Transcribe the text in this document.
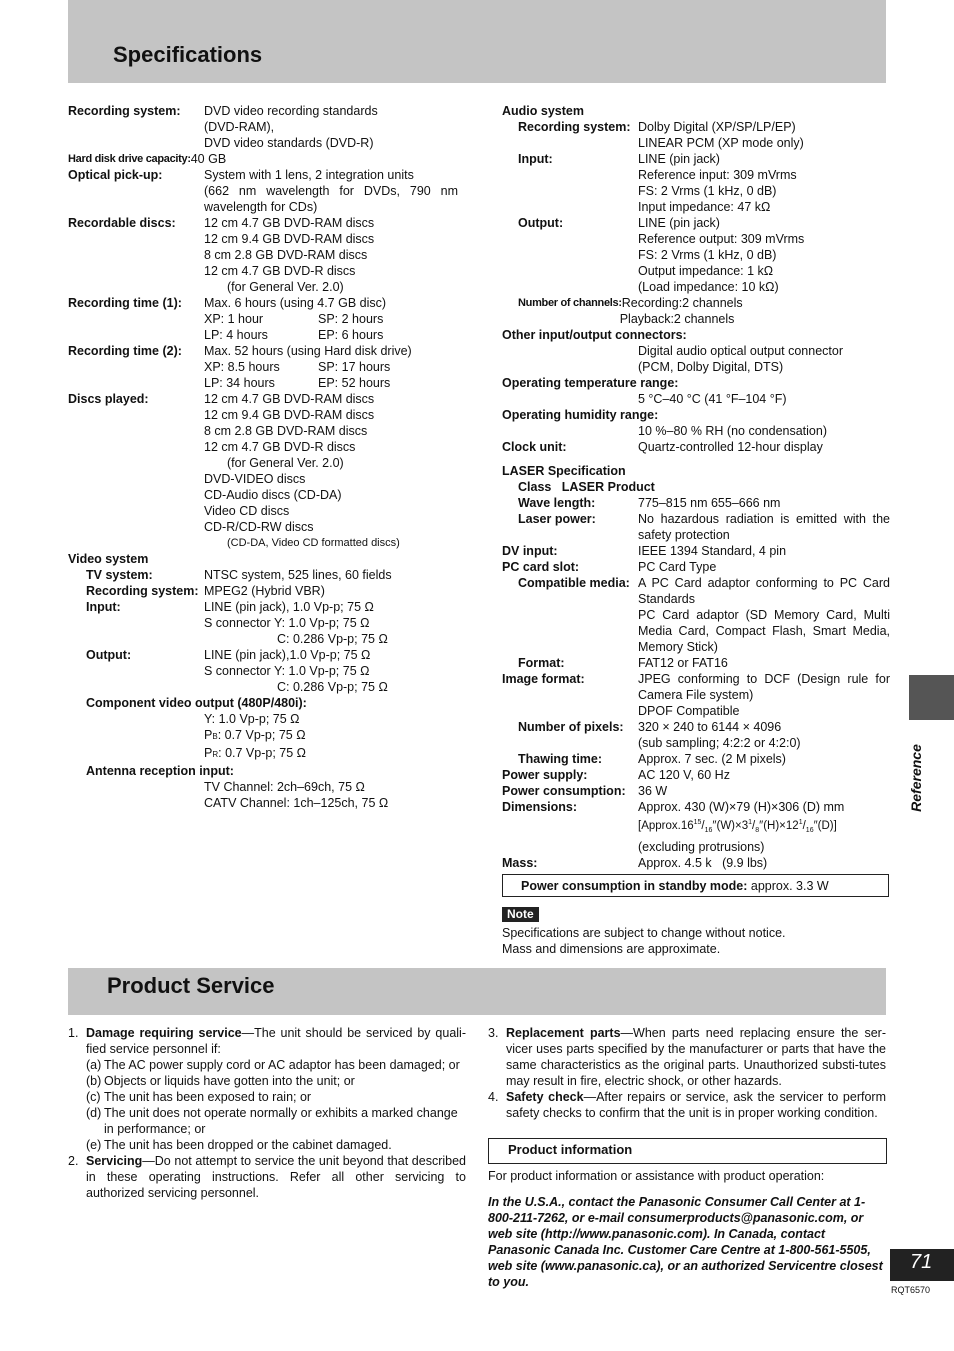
Specifications
Recording system:	DVD video recording standards
(DVD-RAM),
DVD video standards (DVD-R)
Hard disk drive capacity: 40 GB
Optical pick-up:	System with 1 lens, 2 integration units
(662 nm wavelength for DVDs, 790 nm
wavelength for CDs)
Recordable discs:	12 cm 4.7 GB DVD-RAM discs
12 cm 9.4 GB DVD-RAM discs
8 cm 2.8 GB DVD-RAM discs
12 cm 4.7 GB DVD-R discs
(for General Ver. 2.0)
Recording time (1):	Max. 6 hours (using 4.7 GB disc)
XP: 1 hour	SP: 2 hours
LP: 4 hours	EP: 6 hours
Recording time (2):	Max. 52 hours (using Hard disk drive)
XP: 8.5 hours	SP: 17 hours
LP: 34 hours	EP: 52 hours
Discs played:	12 cm 4.7 GB DVD-RAM discs
12 cm 9.4 GB DVD-RAM discs
8 cm 2.8 GB DVD-RAM discs
12 cm 4.7 GB DVD-R discs
(for General Ver. 2.0)
DVD-VIDEO discs
CD-Audio discs (CD-DA)
Video CD discs
CD-R/CD-RW discs
(CD-DA, Video CD formatted discs)
Video system
TV system:	NTSC system, 525 lines, 60 fields
Recording system: MPEG2 (Hybrid VBR)
Input:	LINE (pin jack), 1.0 Vp-p; 75 Ω
S connector Y: 1.0 Vp-p; 75 Ω
C: 0.286 Vp-p; 75 Ω
Output:	LINE (pin jack),1.0 Vp-p; 75 Ω
S connector Y: 1.0 Vp-p; 75 Ω
C: 0.286 Vp-p; 75 Ω
Component video output (480P/480i):
Y: 1.0 Vp-p; 75 Ω
PB: 0.7 Vp-p; 75 Ω
PR: 0.7 Vp-p; 75 Ω
Antenna reception input:
TV Channel: 2ch–69ch, 75 Ω
CATV Channel: 1ch–125ch, 75 Ω
Audio system
Recording system: Dolby Digital (XP/SP/LP/EP)
LINEAR PCM (XP mode only)
Input:	LINE (pin jack)
Reference input: 309 mVrms
FS: 2 Vrms (1 kHz, 0 dB)
Input impedance: 47 kΩ
Output:	LINE (pin jack)
Reference output: 309 mVrms
FS: 2 Vrms (1 kHz, 0 dB)
Output impedance: 1 kΩ
(Load impedance: 10 kΩ)
Number of channels: Recording:2 channels
Playback:2 channels
Other input/output connectors:
Digital audio optical output connector
(PCM, Dolby Digital, DTS)
Operating temperature range:
5 °C–40 °C (41 °F–104 °F)
Operating humidity range:
10 %–80 % RH (no condensation)
Clock unit:	Quartz-controlled 12-hour display
LASER Specification
Class   LASER Product
Wave length:	775–815 nm 655–666 nm
Laser power:	No hazardous radiation is emitted with the
safety protection
DV input:	IEEE 1394 Standard, 4 pin
PC card slot:	PC Card Type
Compatible media: A PC Card adaptor conforming to PC Card
Standards
PC Card adaptor (SD Memory Card, Multi
Media Card, Compact Flash, Smart Media,
Memory Stick)
Format:	FAT12 or FAT16
Image format:	JPEG conforming to DCF (Design rule for
Camera File system)
DPOF Compatible
Number of pixels:	320 × 240 to 6144 × 4096
(sub sampling; 4:2:2 or 4:2:0)
Thawing time:	Approx. 7 sec. (2 M pixels)
Power supply:	AC 120 V, 60 Hz
Power consumption: 36 W
Dimensions:	Approx. 430 (W)×79 (H)×306 (D) mm
$[Approx.16^{15}/_{16}''(W)\times 3^1/_8''(H)\times 12^1/_{16}''(D)]$
(excluding protrusions)
Mass:	Approx. 4.5 k   (9.9 lbs)
Power consumption in standby mode: approx. 3.3 W
Note
Specifications are subject to change without notice.
Mass and dimensions are approximate.
Product Service
1. Damage requiring service—The unit should be serviced by quali-fied service personnel if:
(a) The AC power supply cord or AC adaptor has been damaged; or
(b) Objects or liquids have gotten into the unit; or
(c) The unit has been exposed to rain; or
(d) The unit does not operate normally or exhibits a marked change in performance; or
(e) The unit has been dropped or the cabinet damaged.
2. Servicing—Do not attempt to service the unit beyond that described in these operating instructions. Refer all other servicing to authorized servicing personnel.
3. Replacement parts—When parts need replacing ensure the ser-vicer uses parts specified by the manufacturer or parts that have the same characteristics as the original parts. Unauthorized substi-tutes may result in fire, electric shock, or other hazards.
4. Safety check—After repairs or service, ask the servicer to perform safety checks to confirm that the unit is in proper working condition.
Product information
For product information or assistance with product operation:
In the U.S.A., contact the Panasonic Consumer Call Center at 1-800-211-7262, or e-mail consumerproducts@panasonic.com, or web site (http://www.panasonic.com). In Canada, contact Panasonic Canada Inc. Customer Care Centre at 1-800-561-5505, web site (www.panasonic.ca), or an authorized Servicentre closest to you.
Reference
71
RQT6570
